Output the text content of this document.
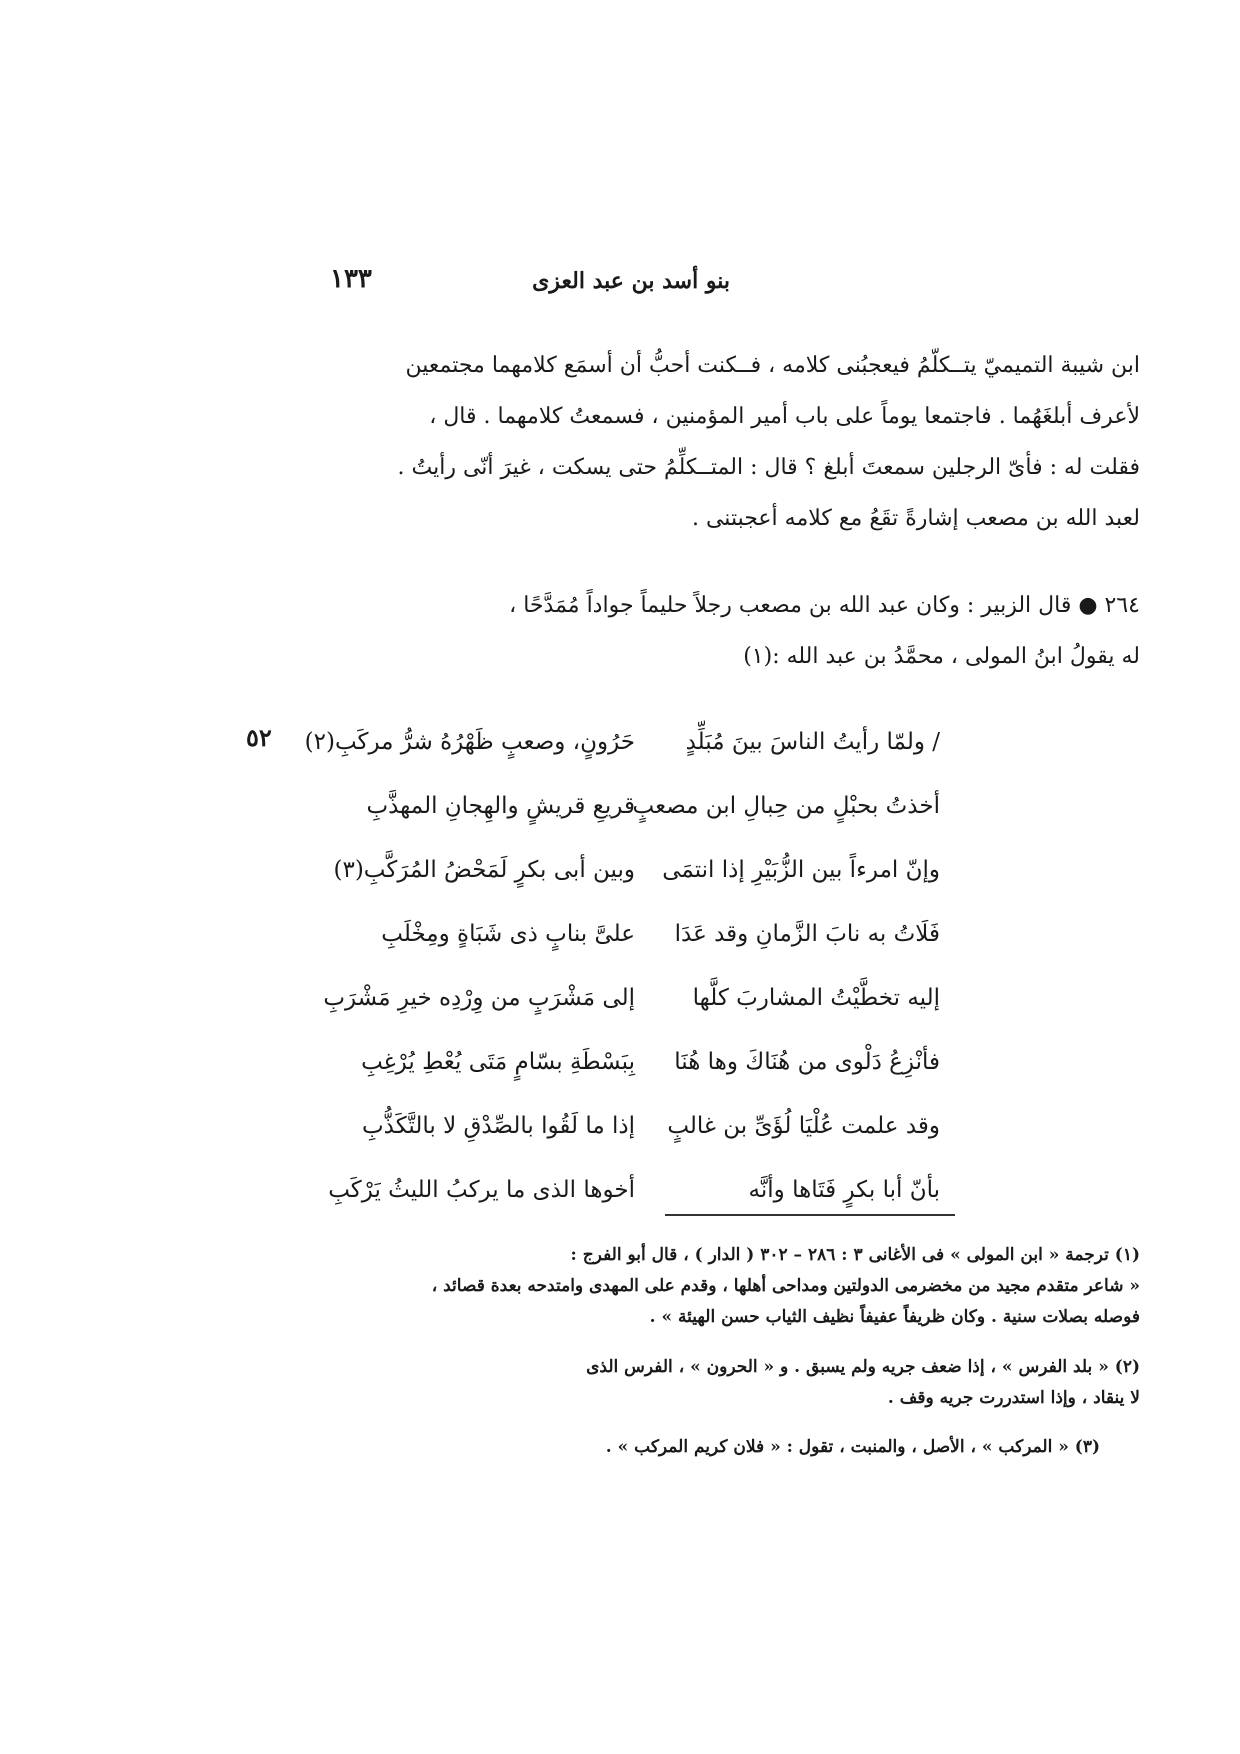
بنو أسد بن عبد العزى
١٣٣
ابن شيبة التميميّ يتــكلّمُ فيعجبُنى كلامه ، فــكنت أحبُّ أن أسمَع كلامهما مجتمعين
لأعرف أبلغَهُما . فاجتمعا يوماً على باب أمير المؤمنين ، فسمعتُ كلامهما . قال ،
فقلت له : فأىّ الرجلين سمعتَ أبلغ ؟ قال : المتــكلِّمُ حتى يسكت ، غيرَ أنّى رأيتُ .
لعبد الله بن مصعب إشارةً تقَعُ مع كلامه أعجبتنى .
٢٦٤ ● قال الزبير : وكان عبد الله بن مصعب رجلاً حليماً جواداً مُمَدَّحًا ،
له يقولُ ابنُ المولى ، محمَّدُ بن عبد الله :(١)
٥٢	/ ولمّا رأيتُ الناسَ بينَ مُبَلِّدٍ
حَرُونٍ، وصعبٍ ظَهْرُهُ شرُّ مركَبِ(٢)
أخذتُ بحبْلٍ من حِبالِ ابن مصعبٍ
قريعِ قريشٍ والهِجانِ المهذَّبِ
وإنّ امرءاً بين الزُّبَيْرِ إذا انتمَى
وبين أبى بكرٍ لَمَحْضُ المُرَكَّبِ(٣)
فَلَاتُ به نابَ الزَّمانِ وقد عَدَا
علىَّ بنابٍ ذى شَبَاةٍ ومِخْلَبِ
إليه تخطَّيْتُ المشاربَ كلَّها
إلى مَشْرَبٍ من وِرْدِه خيرِ مَشْرَبِ
فأنْزِعُ دَلْوى من هُنَاكَ وها هُنَا
بِبَسْطَةِ بسّامٍ مَتَى يُعْطِ يُرْغِبِ
وقد علمت عُلْيَا لُؤَىِّ بن غالبٍ
إذا ما لَقُوا بالصِّدْقِ لا بالتَّكَذُّبِ
بأنّ أبا بكرٍ فَتَاها وأنَّه
أخوها الذى ما يركبُ الليثُ يَرْكَبِ
(١) ترجمة « ابن المولى » فى الأغانى ٣ : ٢٨٦ – ٣٠٢ ( الدار ) ، قال أبو الفرج :
« شاعر متقدم مجيد من مخضرمى الدولتين ومداحى أهلها ، وقدم على المهدى وامتدحه بعدة قصائد ،
فوصله بصلات سنية . وكان ظريفاً عفيفاً نظيف الثياب حسن الهيئة » .
(٢) « بلد الفرس » ، إذا ضعف جريه ولم يسبق . و « الحرون » ، الفرس الذى
لا ينقاد ، وإذا استدررت جريه وقف .
(٣) « المركب » ، الأصل ، والمنبت ، تقول : « فلان كريم المركب » .
